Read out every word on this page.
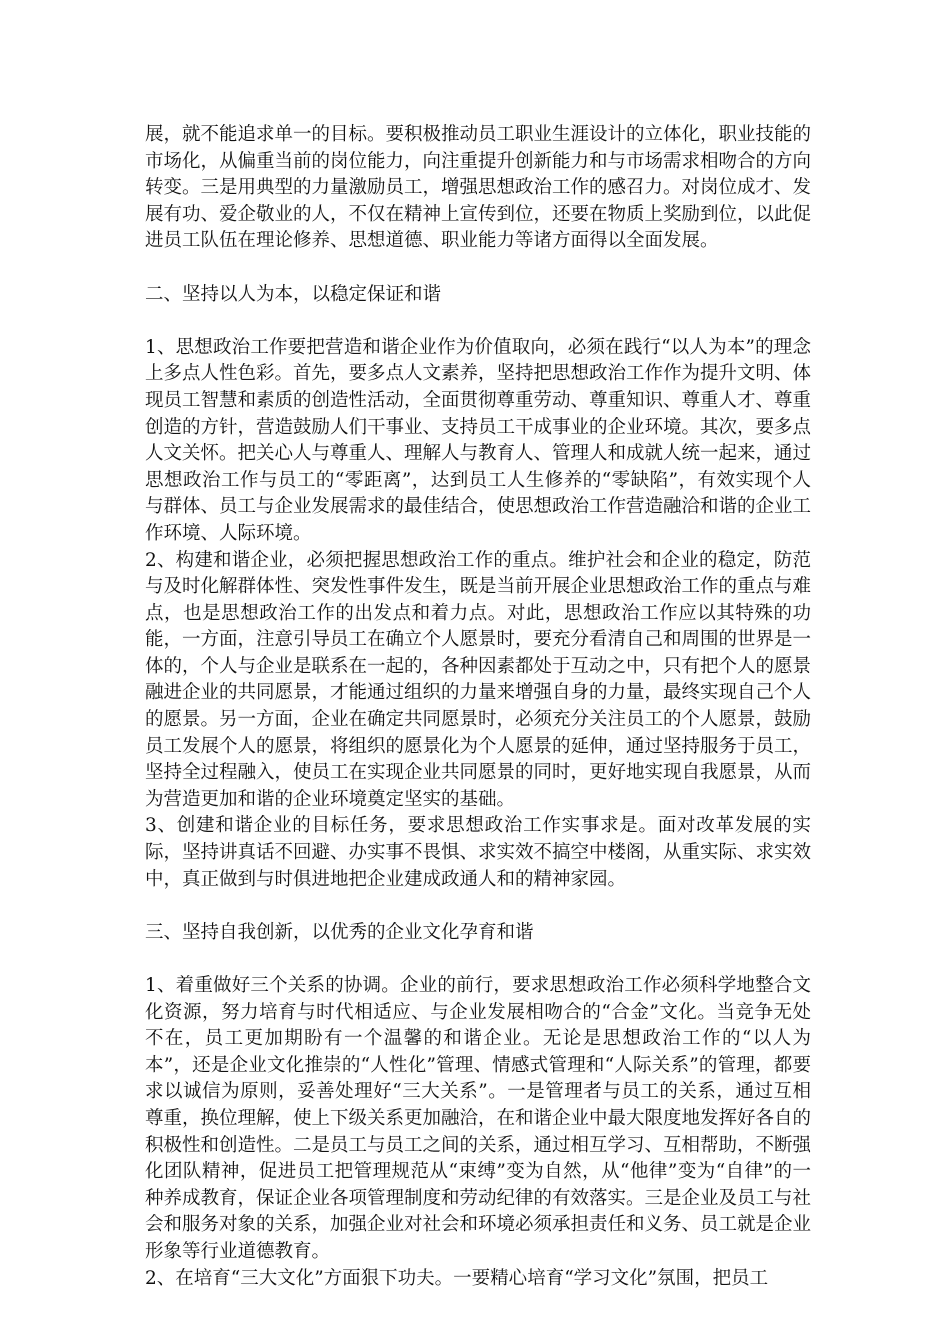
展，就不能追求单一的目标。要积极推动员工职业生涯设计的立体化，职业技能的市场化，从偏重当前的岗位能力，向注重提升创新能力和与市场需求相吻合的方向转变。三是用典型的力量激励员工，增强思想政治工作的感召力。对岗位成才、发展有功、爱企敬业的人，不仅在精神上宣传到位，还要在物质上奖励到位，以此促进员工队伍在理论修养、思想道德、职业能力等诸方面得以全面发展。

二、坚持以人为本，以稳定保证和谐

1、思想政治工作要把营造和谐企业作为价值取向，必须在践行“以人为本”的理念上多点人性色彩。首先，要多点人文素养，坚持把思想政治工作作为提升文明、体现员工智慧和素质的创造性活动，全面贯彻尊重劳动、尊重知识、尊重人才、尊重创造的方针，营造鼓励人们干事业、支持员工干成事业的企业环境。其次，要多点人文关怀。把关心人与尊重人、理解人与教育人、管理人和成就人统一起来，通过思想政治工作与员工的“零距离”，达到员工人生修养的“零缺陷”，有效实现个人与群体、员工与企业发展需求的最佳结合，使思想政治工作营造融洽和谐的企业工作环境、人际环境。

2、构建和谐企业，必须把握思想政治工作的重点。维护社会和企业的稳定，防范与及时化解群体性、突发性事件发生，既是当前开展企业思想政治工作的重点与难点，也是思想政治工作的出发点和着力点。对此，思想政治工作应以其特殊的功能，一方面，注意引导员工在确立个人愿景时，要充分看清自己和周围的世界是一体的，个人与企业是联系在一起的，各种因素都处于互动之中，只有把个人的愿景融进企业的共同愿景，才能通过组织的力量来增强自身的力量，最终实现自己个人的愿景。另一方面，企业在确定共同愿景时，必须充分关注员工的个人愿景，鼓励员工发展个人的愿景，将组织的愿景化为个人愿景的延伸，通过坚持服务于员工，坚持全过程融入，使员工在实现企业共同愿景的同时，更好地实现自我愿景，从而为营造更加和谐的企业环境奠定坚实的基础。

3、创建和谐企业的目标任务，要求思想政治工作实事求是。面对改革发展的实际，坚持讲真话不回避、办实事不畏惧、求实效不搞空中楼阁，从重实际、求实效中，真正做到与时俱进地把企业建成政通人和的精神家园。

三、坚持自我创新，以优秀的企业文化孕育和谐

1、着重做好三个关系的协调。企业的前行，要求思想政治工作必须科学地整合文化资源，努力培育与时代相适应、与企业发展相吻合的“合金”文化。当竞争无处不在，员工更加期盼有一个温馨的和谐企业。无论是思想政治工作的“以人为本”，还是企业文化推崇的“人性化”管理、情感式管理和“人际关系”的管理，都要求以诚信为原则，妥善处理好“三大关系”。一是管理者与员工的关系，通过互相尊重，换位理解，使上下级关系更加融洽，在和谐企业中最大限度地发挥好各自的积极性和创造性。二是员工与员工之间的关系，通过相互学习、互相帮助，不断强化团队精神，促进员工把管理规范从“束缚”变为自然，从“他律”变为“自律”的一种养成教育，保证企业各项管理制度和劳动纪律的有效落实。三是企业及员工与社会和服务对象的关系，加强企业对社会和环境必须承担责任和义务、员工就是企业形象等行业道德教育。

2、在培育“三大文化”方面狠下功夫。一要精心培育“学习文化”氛围，把员工
